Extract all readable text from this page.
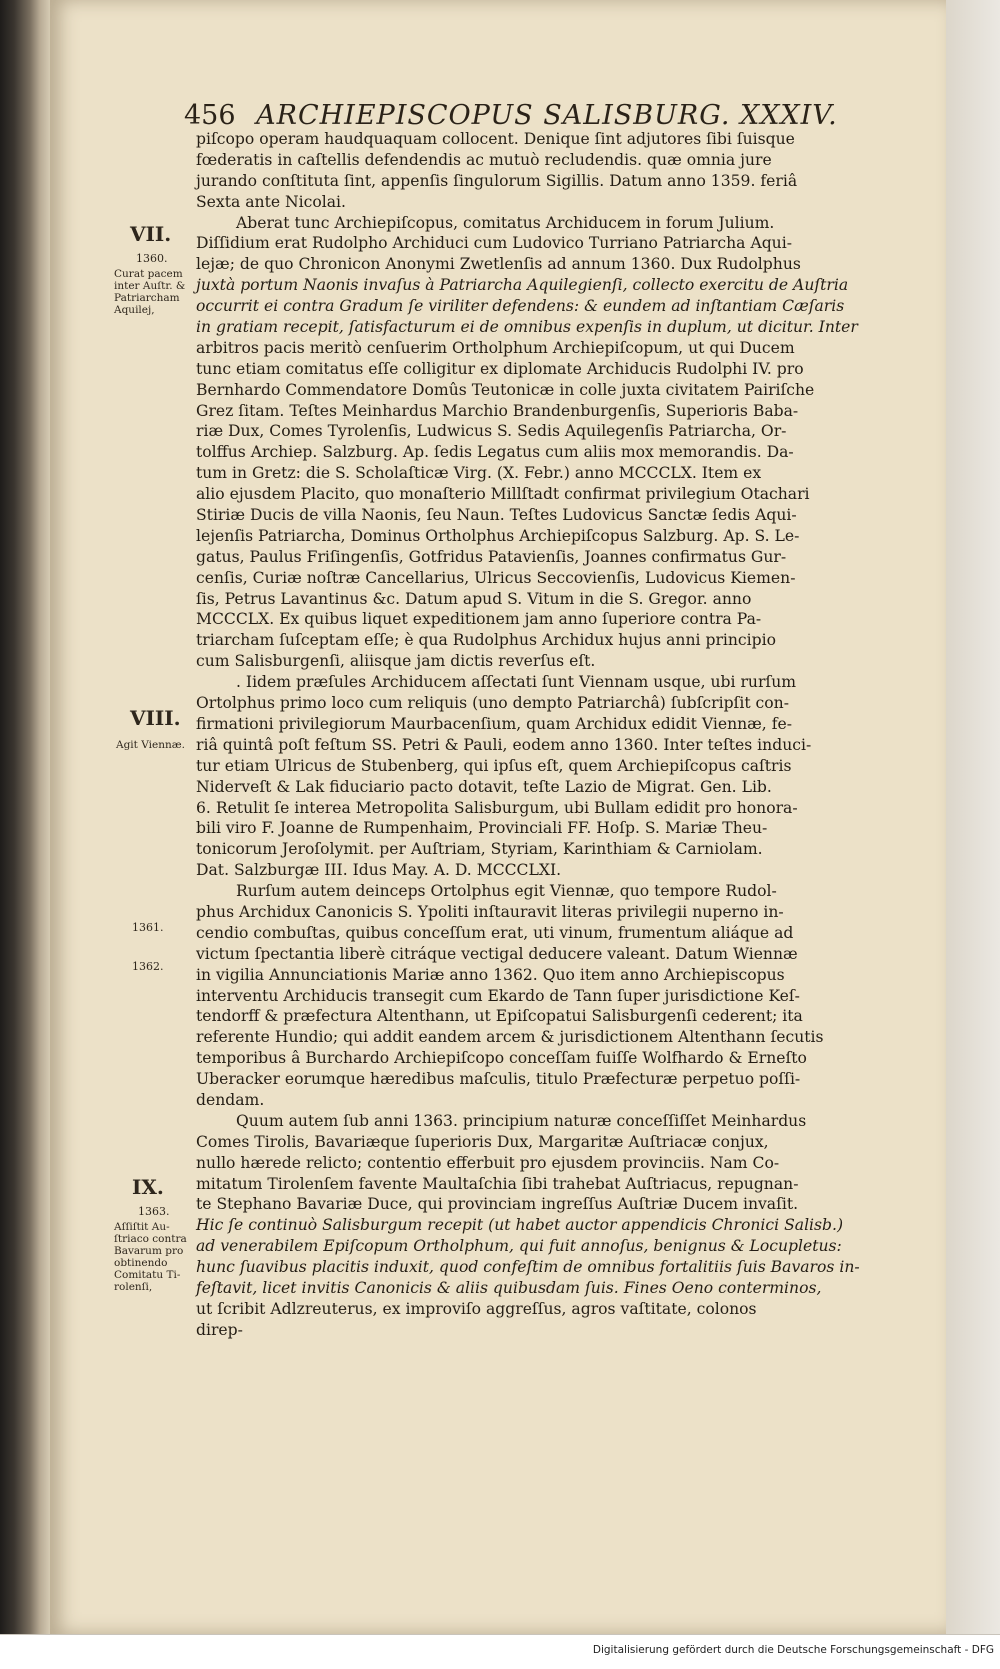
456 ARCHIEPISCOPUS SALISBURG. XXXIV.
piſcopo operam haudquaquam collocent. Denique ſint adjutores ſibi ſuisque
fœderatis in caſtellis defendendis ac mutuò recludendis. quæ omnia jure
jurando conſtituta ſint, appenſis ſingulorum Sigillis. Datum anno 1359. feriâ
Sexta ante Nicolai.
Aberat tunc Archiepiſcopus, comitatus Archiducem in forum Julium.
Diſſidium erat Rudolpho Archiduci cum Ludovico Turriano Patriarcha Aqui-
lejæ; de quo Chronicon Anonymi Zwetlenſis ad annum 1360. Dux Rudolphus
juxtà portum Naonis invaſus à Patriarcha Aquilegienſi, collecto exercitu de Auſtria
occurrit ei contra Gradum ſe viriliter defendens: & eundem ad inſtantiam Cæſaris
in gratiam recepit, ſatisfacturum ei de omnibus expenſis in duplum, ut dicitur. Inter
arbitros pacis meritò cenſuerim Ortholphum Archiepiſcopum, ut qui Ducem
tunc etiam comitatus eſſe colligitur ex diplomate Archiducis Rudolphi IV. pro
Bernhardo Commendatore Domûs Teutonicæ in colle juxta civitatem Pairiſche
Grez ſitam. Teſtes Meinhardus Marchio Brandenburgenſis, Superioris Baba-
riæ Dux, Comes Tyrolenſis, Ludwicus S. Sedis Aquilegenſis Patriarcha, Or-
tolffus Archiep. Salzburg. Ap. ſedis Legatus cum aliis mox memorandis. Da-
tum in Gretz: die S. Scholaſticæ Virg. (X. Febr.) anno MCCCLX. Item ex
alio ejusdem Placito, quo monaſterio Millſtadt confirmat privilegium Otachari
Stiriæ Ducis de villa Naonis, ſeu Naun. Teſtes Ludovicus Sanctæ ſedis Aqui-
lejenſis Patriarcha, Dominus Ortholphus Archiepiſcopus Salzburg. Ap. S. Le-
gatus, Paulus Friſingenſis, Gotfridus Patavienſis, Joannes confirmatus Gur-
cenſis, Curiæ noſtræ Cancellarius, Ulricus Seccovienſis, Ludovicus Kiemen-
ſis, Petrus Lavantinus &c. Datum apud S. Vitum in die S. Gregor. anno
MCCCLX. Ex quibus liquet expeditionem jam anno ſuperiore contra Pa-
triarcham ſuſceptam eſſe; è qua Rudolphus Archidux hujus anni principio
cum Salisburgenſi, aliisque jam dictis reverſus eſt.
. Iidem præſules Archiducem aſſectati ſunt Viennam usque, ubi rurſum
Ortolphus primo loco cum reliquis (uno dempto Patriarchâ) ſubſcripſit con-
firmationi privilegiorum Maurbacenſium, quam Archidux edidit Viennæ, fe-
riâ quintâ poſt feſtum SS. Petri & Pauli, eodem anno 1360. Inter teſtes induci-
tur etiam Ulricus de Stubenberg, qui ipſus eſt, quem Archiepiſcopus caſtris
Niderveſt & Lak fiduciario pacto dotavit, teſte Lazio de Migrat. Gen. Lib.
6. Retulit ſe interea Metropolita Salisburgum, ubi Bullam edidit pro honora-
bili viro F. Joanne de Rumpenhaim, Provinciali FF. Hoſp. S. Mariæ Theu-
tonicorum Jeroſolymit. per Auſtriam, Styriam, Karinthiam & Carniolam.
Dat. Salzburgæ III. Idus May. A. D. MCCCLXI.
Rurſum autem deinceps Ortolphus egit Viennæ, quo tempore Rudol-
phus Archidux Canonicis S. Ypoliti inſtauravit literas privilegii nuperno in-
cendio combuſtas, quibus conceſſum erat, uti vinum, frumentum aliáque ad
victum ſpectantia liberè citráque vectigal deducere valeant. Datum Wiennæ
in vigilia Annunciationis Mariæ anno 1362. Quo item anno Archiepiscopus
interventu Archiducis transegit cum Ekardo de Tann ſuper jurisdictione Keſ-
tendorff & præfectura Altenthann, ut Epiſcopatui Salisburgenſi cederent; ita
referente Hundio; qui addit eandem arcem & jurisdictionem Altenthann ſecutis
temporibus â Burchardo Archiepiſcopo conceſſam fuiſſe Wolfhardo & Erneſto
Uberacker eorumque hæredibus maſculis, titulo Præfecturæ perpetuo poſſi-
dendam.
Quum autem ſub anni 1363. principium naturæ conceſſiſſet Meinhardus
Comes Tirolis, Bavariæque ſuperioris Dux, Margaritæ Auſtriacæ conjux,
nullo hærede relicto; contentio efferbuit pro ejusdem provinciis. Nam Co-
mitatum Tirolenſem favente Maultaſchia ſibi trahebat Auſtriacus, repugnan-
te Stephano Bavariæ Duce, qui provinciam ingreſſus Auſtriæ Ducem invaſit.
Hic ſe continuò Salisburgum recepit (ut habet auctor appendicis Chronici Salisb.)
ad venerabilem Epiſcopum Ortholphum, qui fuit annoſus, benignus & Locupletus:
hunc ſuavibus placitis induxit, quod confeſtim de omnibus fortalitiis ſuis Bavaros in-
feſtavit, licet invitis Canonicis & aliis quibusdam ſuis. Fines Oeno conterminos,
ut ſcribit Adlzreuterus, ex improviſo aggreſſus, agros vaſtitate, colonos
direp-
VII.
1360.
Curat pacem
inter Auſtr. &
Patriarcham
Aquilej,
VIII.
Agit Viennæ.
1361.
1362.
IX.
1363.
Aſſiſtit Au-
ſtriaco contra
Bavarum pro
obtinendo
Comitatu Ti-
rolenſi,
Digitalisierung gefördert durch die Deutsche Forschungsgemeinschaft - DFG
